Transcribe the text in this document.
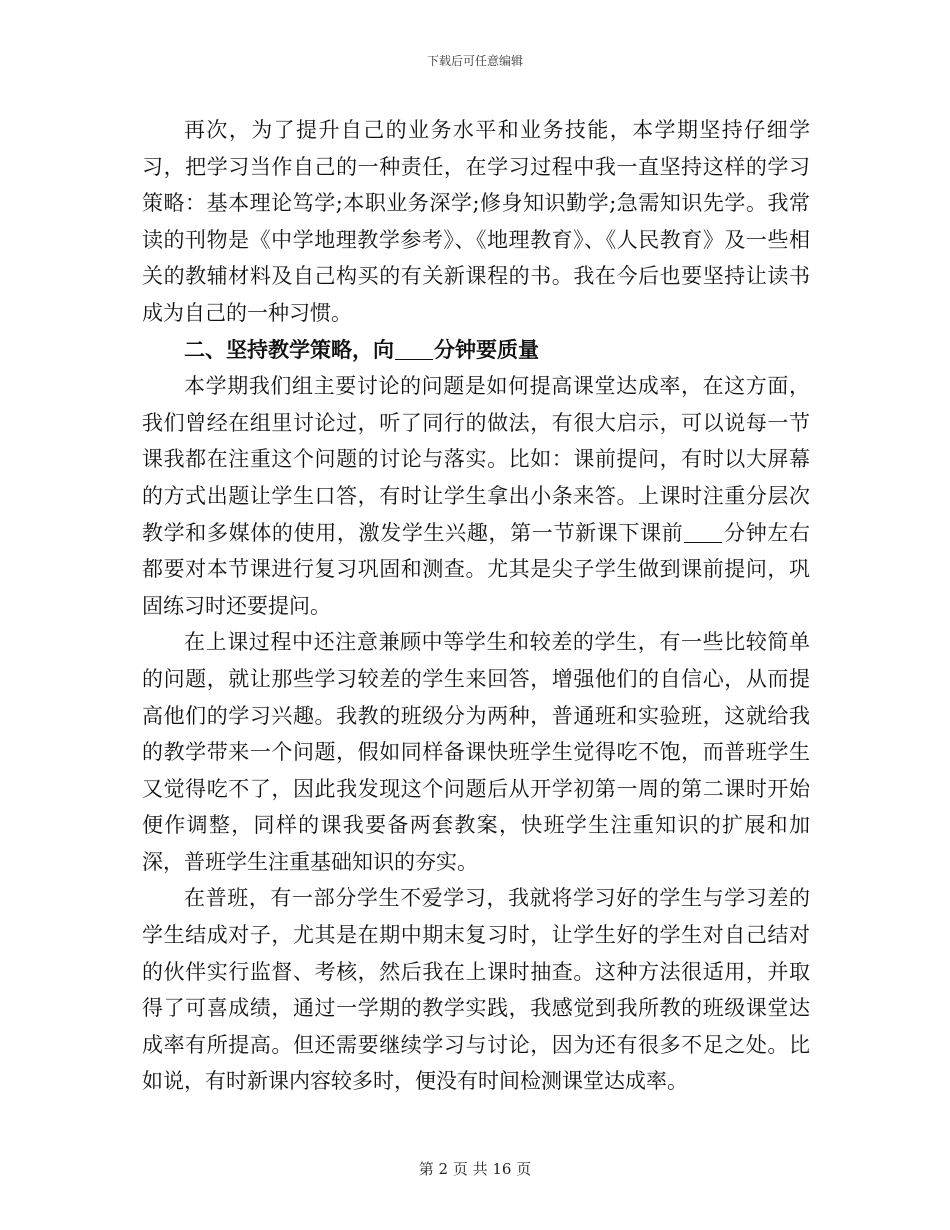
下载后可任意编辑

再次，为了提升自己的业务水平和业务技能，本学期坚持仔细学习，把学习当作自己的一种责任，在学习过程中我一直坚持这样的学习策略：基本理论笃学;本职业务深学;修身知识勤学;急需知识先学。我常读的刊物是《中学地理教学参考》、《地理教育》、《人民教育》及一些相关的教辅材料及自己构买的有关新课程的书。我在今后也要坚持让读书成为自己的一种习惯。

二、坚持教学策略，向 分钟要质量

本学期我们组主要讨论的问题是如何提高课堂达成率，在这方面，我们曾经在组里讨论过，听了同行的做法，有很大启示，可以说每一节课我都在注重这个问题的讨论与落实。比如：课前提问，有时以大屏幕的方式出题让学生口答，有时让学生拿出小条来答。上课时注重分层次教学和多媒体的使用，激发学生兴趣，第一节新课下课前 分钟左右都要对本节课进行复习巩固和测查。尤其是尖子学生做到课前提问，巩固练习时还要提问。

在上课过程中还注意兼顾中等学生和较差的学生，有一些比较简单的问题，就让那些学习较差的学生来回答，增强他们的自信心，从而提高他们的学习兴趣。我教的班级分为两种，普通班和实验班，这就给我的教学带来一个问题，假如同样备课快班学生觉得吃不饱，而普班学生又觉得吃不了，因此我发现这个问题后从开学初第一周的第二课时开始便作调整，同样的课我要备两套教案，快班学生注重知识的扩展和加深，普班学生注重基础知识的夯实。

在普班，有一部分学生不爱学习，我就将学习好的学生与学习差的学生结成对子，尤其是在期中期末复习时，让学生好的学生对自己结对的伙伴实行监督、考核，然后我在上课时抽查。这种方法很适用，并取得了可喜成绩，通过一学期的教学实践，我感觉到我所教的班级课堂达成率有所提高。但还需要继续学习与讨论，因为还有很多不足之处。比如说，有时新课内容较多时，便没有时间检测课堂达成率。

第 2 页 共 16 页
